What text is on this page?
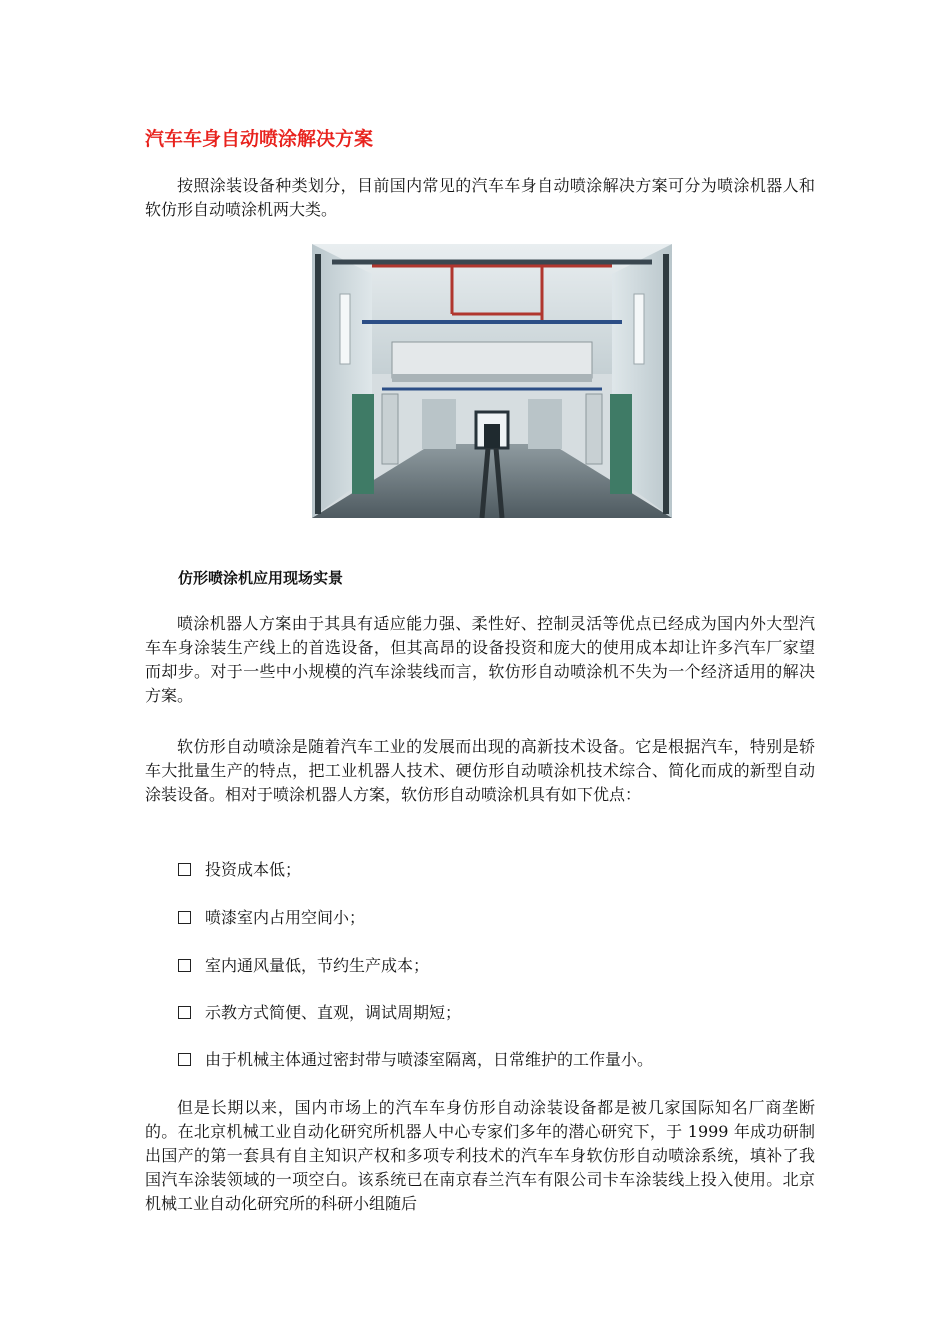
汽车车身自动喷涂解决方案

按照涂装设备种类划分，目前国内常见的汽车车身自动喷涂解决方案可分为喷涂机器人和软仿形自动喷涂机两大类。

仿形喷涂机应用现场实景

喷涂机器人方案由于其具有适应能力强、柔性好、控制灵活等优点已经成为国内外大型汽车车身涂装生产线上的首选设备，但其高昂的设备投资和庞大的使用成本却让许多汽车厂家望而却步。对于一些中小规模的汽车涂装线而言，软仿形自动喷涂机不失为一个经济适用的解决方案。

软仿形自动喷涂是随着汽车工业的发展而出现的高新技术设备。它是根据汽车，特别是轿车大批量生产的特点，把工业机器人技术、硬仿形自动喷涂机技术综合、简化而成的新型自动涂装设备。相对于喷涂机器人方案，软仿形自动喷涂机具有如下优点：

投资成本低；
喷漆室内占用空间小；
室内通风量低，节约生产成本；
示教方式简便、直观，调试周期短；
由于机械主体通过密封带与喷漆室隔离，日常维护的工作量小。

但是长期以来，国内市场上的汽车车身仿形自动涂装设备都是被几家国际知名厂商垄断的。在北京机械工业自动化研究所机器人中心专家们多年的潜心研究下，于 1999 年成功研制出国产的第一套具有自主知识产权和多项专利技术的汽车车身软仿形自动喷涂系统，填补了我国汽车涂装领域的一项空白。该系统已在南京春兰汽车有限公司卡车涂装线上投入使用。北京机械工业自动化研究所的科研小组随后
